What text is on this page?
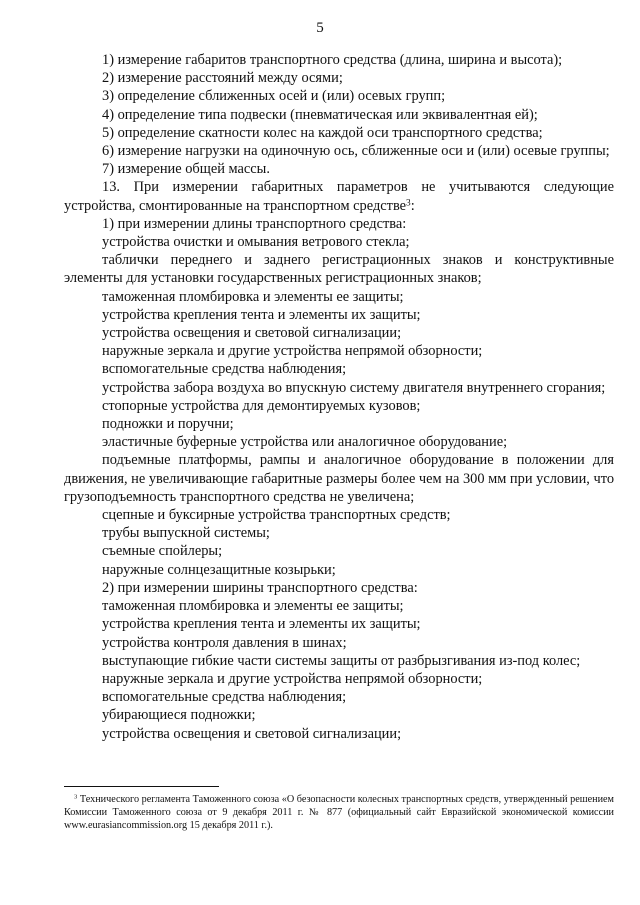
5

1) измерение габаритов транспортного средства (длина, ширина и высота);

2) измерение расстояний между осями;

3) определение сближенных осей и (или) осевых групп;

4) определение типа подвески (пневматическая или эквивалентная ей);

5) определение скатности колес на каждой оси транспортного средства;

6) измерение нагрузки на одиночную ось, сближенные оси и (или) осевые группы;

7) измерение общей массы.

13. При измерении габаритных параметров не учитываются следующие устройства, смонтированные на транспортном средстве$^3$:

1) при измерении длины транспортного средства:

устройства очистки и омывания ветрового стекла;

таблички переднего и заднего регистрационных знаков и конструктивные элементы для установки государственных регистрационных знаков;

таможенная пломбировка и элементы ее защиты;

устройства крепления тента и элементы их защиты;

устройства освещения и световой сигнализации;

наружные зеркала и другие устройства непрямой обзорности;

вспомогательные средства наблюдения;

устройства забора воздуха во впускную систему двигателя внутреннего сгорания;

стопорные устройства для демонтируемых кузовов;

подножки и поручни;

эластичные буферные устройства или аналогичное оборудование;

подъемные платформы, рампы и аналогичное оборудование в положении для движения, не увеличивающие габаритные размеры более чем на 300 мм при условии, что грузоподъемность транспортного средства не увеличена;

сцепные и буксирные устройства транспортных средств;

трубы выпускной системы;

съемные спойлеры;

наружные солнцезащитные козырьки;

2) при измерении ширины транспортного средства:

таможенная пломбировка и элементы ее защиты;

устройства крепления тента и элементы их защиты;

устройства контроля давления в шинах;

выступающие гибкие части системы защиты от разбрызгивания из-под колес;

наружные зеркала и другие устройства непрямой обзорности;

вспомогательные средства наблюдения;

убирающиеся подножки;

устройства освещения и световой сигнализации;

$^3$ Технического регламента Таможенного союза «О безопасности колесных транспортных средств, утвержденный решением Комиссии Таможенного союза от 9 декабря 2011 г. № 877 (официальный сайт Евразийской экономической комиссии www.eurasiancommission.org 15 декабря 2011 г.).
